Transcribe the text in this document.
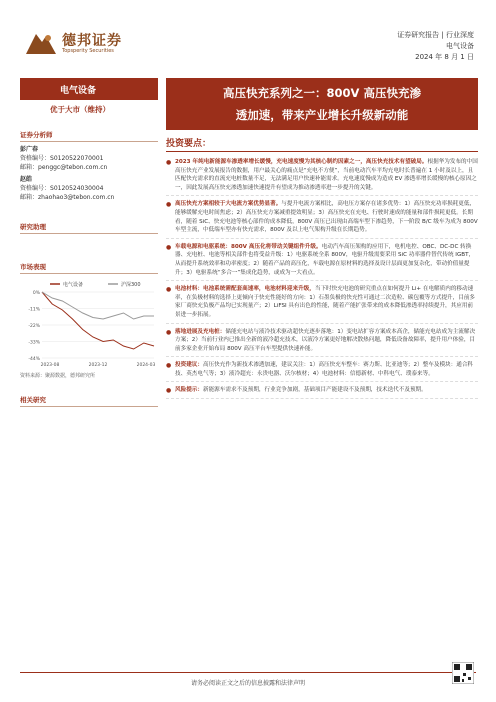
德邦证券
Topsperity Securities
证券研究报告 | 行业深度
电气设备
2024 年 8 月 1 日
电气设备
优于大市（维持）
证券分析师
彭广春
资格编号：S0120522070001
邮箱：penggc@tebon.com.cn
赵皓
资格编号：S0120524030004
邮箱：zhaohao3@tebon.com.cn
研究助理
市场表现
电气设备	沪深300
0%
-11%
-22%
-33%
-44%
2023-08	2023-12	2024-03
资料来源：聚源数据，德邦研究所
相关研究
高压快充系列之一：800V 高压快充渗
透加速，带来产业增长升级新动能
投资要点：
● 2023 年纯电新能源车渗透率增长缓慢，充电速度慢为其核心制约因素之一，高压快充技术有望破局。根据华为发布的中国高压快充产业发展报告的数据，用户最关心的痛点是“充电不方便”，当前电动汽车平均充电时长普遍在 1 小时及以上，且匹配快充需求的直流充电桩数量不足，无法满足用户快速补能需求。充电速度慢成为造成 EV 渗透率增长缓慢的核心原因之一，因此发展高压快充渗透加速快速提升有望成为推动渗透率进一步提升的关键。
● 高压快充方案相较于大电流方案优势显著。与提升电流方案相比，高电压方案存在诸多优势：1）高压快充功率损耗更低，能够缓解充电时间焦虑；2）高压快充方案减重提效明显；3）高压快充在充电、行驶时速成的能量和部件损耗更低。长期看，随着 SiC、快充电池等核心部件的成本降低，800V 高压已出现由高端车型下渗趋势，下一阶段 B/C 级车为成为 800V 车型主流，中低端车型亦有快充需求，800V 及以上电气架构升级在长期趋势。
● 车载电源和电驱系统：800V 高压化将带动关键组件升级。电动汽车高压架构的应用下，电机电控、OBC、DC-DC 转换器、充电桩、电池等相关部件也将受益升级：1）电驱系统全系 800V，电驱升级需要采用 SiC 功率器件替代传统 IGBT，从而提升系统效率和功率密度；2）随着产品的高压化，车载电源在原材料的选择及设计层面更加复杂化，带动价值量提升；3）电驱系统“多合一”集成化趋势，或成为一大看点。
● 电池材料：电池系统需配套高速率，电池材料迎来升级，当下时快充电池的研究重点在如何提升 Li+ 在电解质内的移动速率，在负极材料的选择上更倾向于快充性能好的方向：1）石墨负极的快充性可通过二次造粒、碳包覆等方式提升，目前多家厂商快充负极产品均已实现量产；2）LiFSI 具有出色的性能，随着产能扩张带来的成本降低渗透率持续提升，其应用前景进一步拓展。
● 落地进展及充电桩：储能充电站与液冷技术驱动超快充逐步落地：1）变电站扩容方案成本高企，储能充电站成为主流解决方案；2）当前行业内已推出全新的液冷超充技术，以液冷方案更好地解决散热问题，降低设备故障率，提升用户体验，目前多家企业开始布局 800V 高压平台车型提供快速补能。
● 投资建议：高压快充作为新技术渗透加速，建议关注：1）高压快充车整车：赛力斯、比亚迪等；2）整车及模块：通合科技、英杰电气等；3）液冷超充：永贵电器、沃尔核材；4）电池材料：信德新材、中科电气、璞泰来等。
● 风险提示：新能源车需求不及预期，行业竞争加剧，基础项目产能建设不及预期，技术迭代不及预期。
请务必阅读正文之后的信息披露和法律声明
